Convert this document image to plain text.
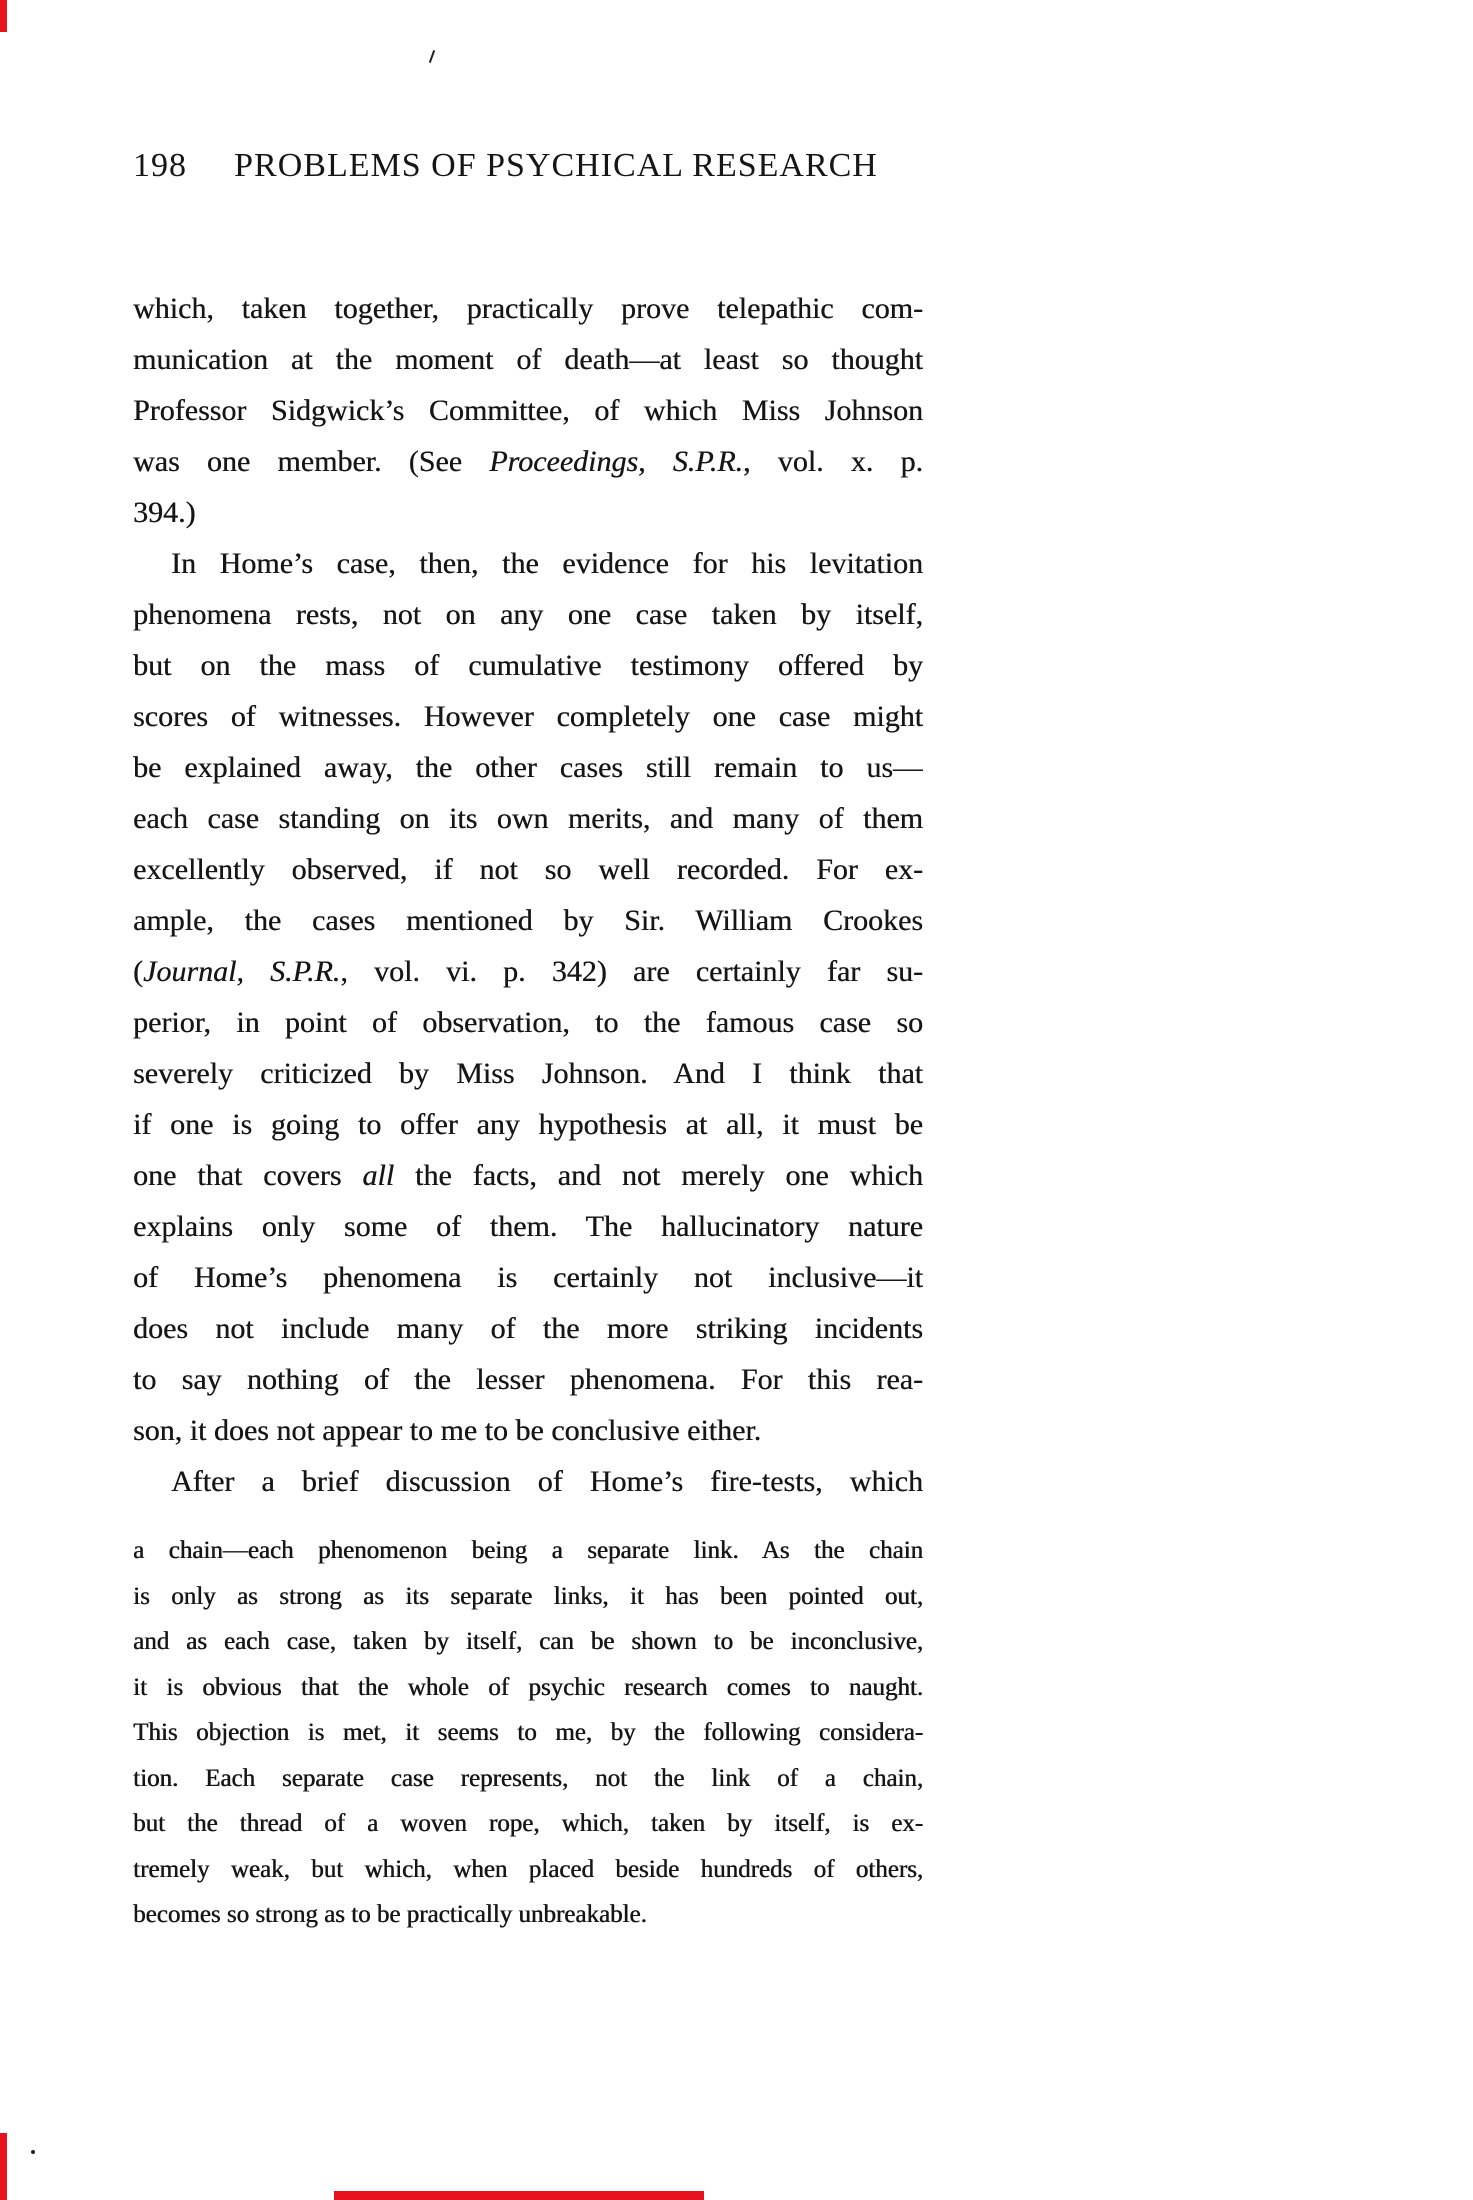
198	PROBLEMS OF PSYCHICAL RESEARCH
which, taken together, practically prove telepathic com-
munication at the moment of death—at least so thought
Professor Sidgwick’s Committee, of which Miss Johnson
was one member. (See Proceedings, S.P.R., vol. x. p.
394.)
In Home’s case, then, the evidence for his levitation
phenomena rests, not on any one case taken by itself,
but on the mass of cumulative testimony offered by
scores of witnesses. However completely one case might
be explained away, the other cases still remain to us—
each case standing on its own merits, and many of them
excellently observed, if not so well recorded. For ex-
ample, the cases mentioned by Sir. William Crookes
(Journal, S.P.R., vol. vi. p. 342) are certainly far su-
perior, in point of observation, to the famous case so
severely criticized by Miss Johnson. And I think that
if one is going to offer any hypothesis at all, it must be
one that covers all the facts, and not merely one which
explains only some of them. The hallucinatory nature
of Home’s phenomena is certainly not inclusive—it
does not include many of the more striking incidents
to say nothing of the lesser phenomena. For this rea-
son, it does not appear to me to be conclusive either.
After a brief discussion of Home’s fire-tests, which
a chain—each phenomenon being a separate link. As the chain
is only as strong as its separate links, it has been pointed out,
and as each case, taken by itself, can be shown to be inconclusive,
it is obvious that the whole of psychic research comes to naught.
This objection is met, it seems to me, by the following considera-
tion. Each separate case represents, not the link of a chain,
but the thread of a woven rope, which, taken by itself, is ex-
tremely weak, but which, when placed beside hundreds of others,
becomes so strong as to be practically unbreakable.
